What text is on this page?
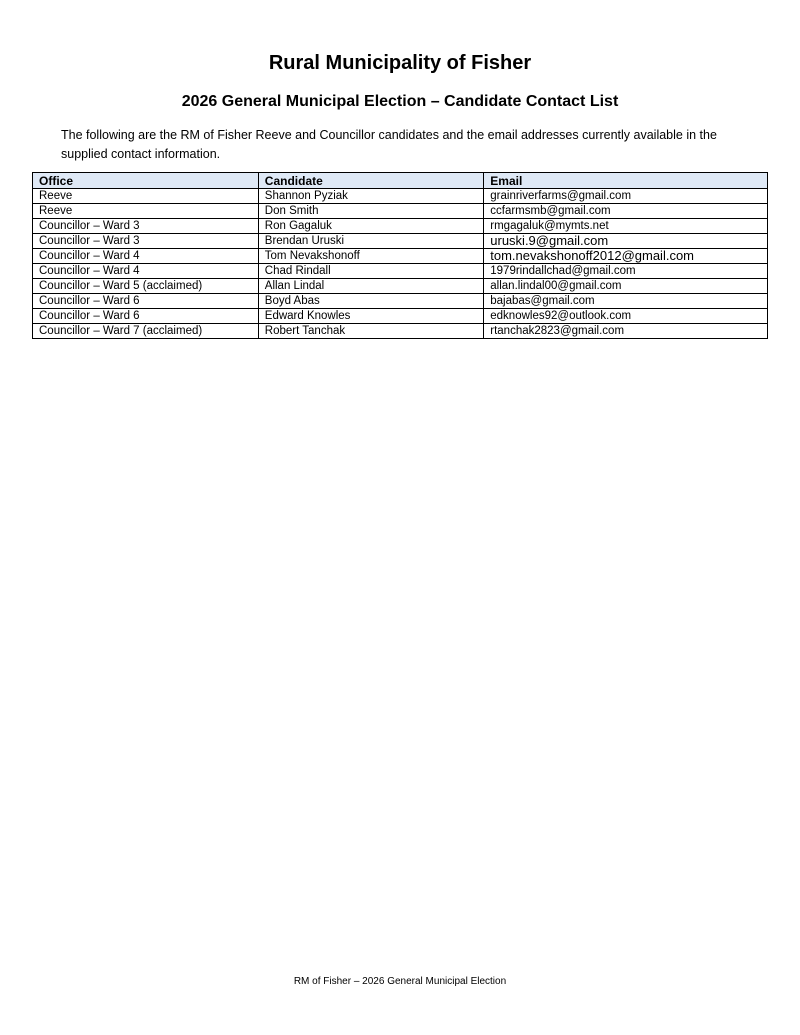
Rural Municipality of Fisher
2026 General Municipal Election – Candidate Contact List
The following are the RM of Fisher Reeve and Councillor candidates and the email addresses currently available in the supplied contact information.
Office	Candidate	Email
Reeve	Shannon Pyziak	grainriverfarms@gmail.com
Reeve	Don Smith	ccfarmsmb@gmail.com
Councillor – Ward 3	Ron Gagaluk	rmgagaluk@mymts.net
Councillor – Ward 3	Brendan Uruski	uruski.9@gmail.com
Councillor – Ward 4	Tom Nevakshonoff	tom.nevakshonoff2012@gmail.com
Councillor – Ward 4	Chad Rindall	1979rindallchad@gmail.com
Councillor – Ward 5 (acclaimed)	Allan Lindal	allan.lindal00@gmail.com
Councillor – Ward 6	Boyd Abas	bajabas@gmail.com
Councillor – Ward 6	Edward Knowles	edknowles92@outlook.com
Councillor – Ward 7 (acclaimed)	Robert Tanchak	rtanchak2823@gmail.com
RM of Fisher – 2026 General Municipal Election
